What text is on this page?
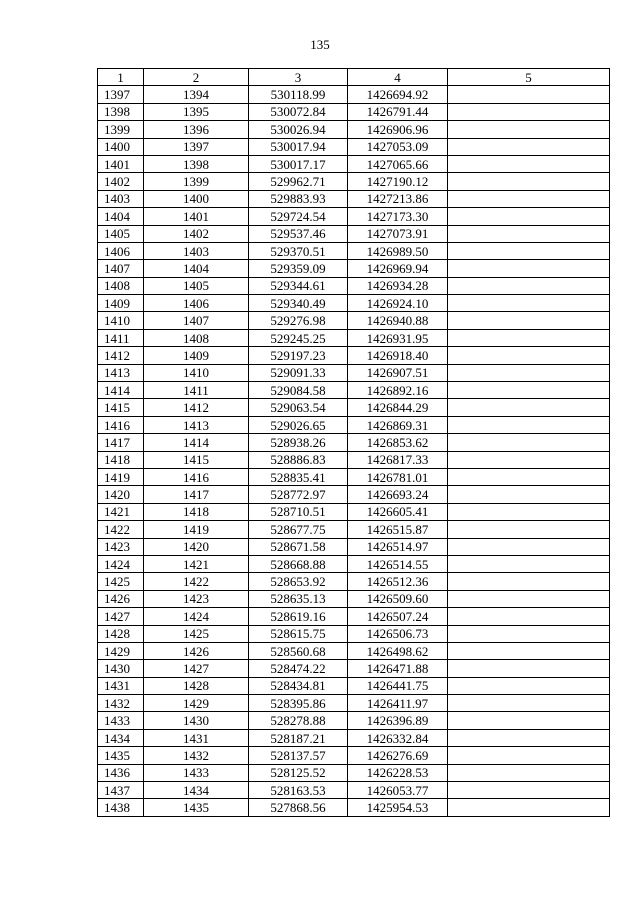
135
1	2	3	4	5
1397	1394	530118.99	1426694.92	
1398	1395	530072.84	1426791.44	
1399	1396	530026.94	1426906.96	
1400	1397	530017.94	1427053.09	
1401	1398	530017.17	1427065.66	
1402	1399	529962.71	1427190.12	
1403	1400	529883.93	1427213.86	
1404	1401	529724.54	1427173.30	
1405	1402	529537.46	1427073.91	
1406	1403	529370.51	1426989.50	
1407	1404	529359.09	1426969.94	
1408	1405	529344.61	1426934.28	
1409	1406	529340.49	1426924.10	
1410	1407	529276.98	1426940.88	
1411	1408	529245.25	1426931.95	
1412	1409	529197.23	1426918.40	
1413	1410	529091.33	1426907.51	
1414	1411	529084.58	1426892.16	
1415	1412	529063.54	1426844.29	
1416	1413	529026.65	1426869.31	
1417	1414	528938.26	1426853.62	
1418	1415	528886.83	1426817.33	
1419	1416	528835.41	1426781.01	
1420	1417	528772.97	1426693.24	
1421	1418	528710.51	1426605.41	
1422	1419	528677.75	1426515.87	
1423	1420	528671.58	1426514.97	
1424	1421	528668.88	1426514.55	
1425	1422	528653.92	1426512.36	
1426	1423	528635.13	1426509.60	
1427	1424	528619.16	1426507.24	
1428	1425	528615.75	1426506.73	
1429	1426	528560.68	1426498.62	
1430	1427	528474.22	1426471.88	
1431	1428	528434.81	1426441.75	
1432	1429	528395.86	1426411.97	
1433	1430	528278.88	1426396.89	
1434	1431	528187.21	1426332.84	
1435	1432	528137.57	1426276.69	
1436	1433	528125.52	1426228.53	
1437	1434	528163.53	1426053.77	
1438	1435	527868.56	1425954.53	
